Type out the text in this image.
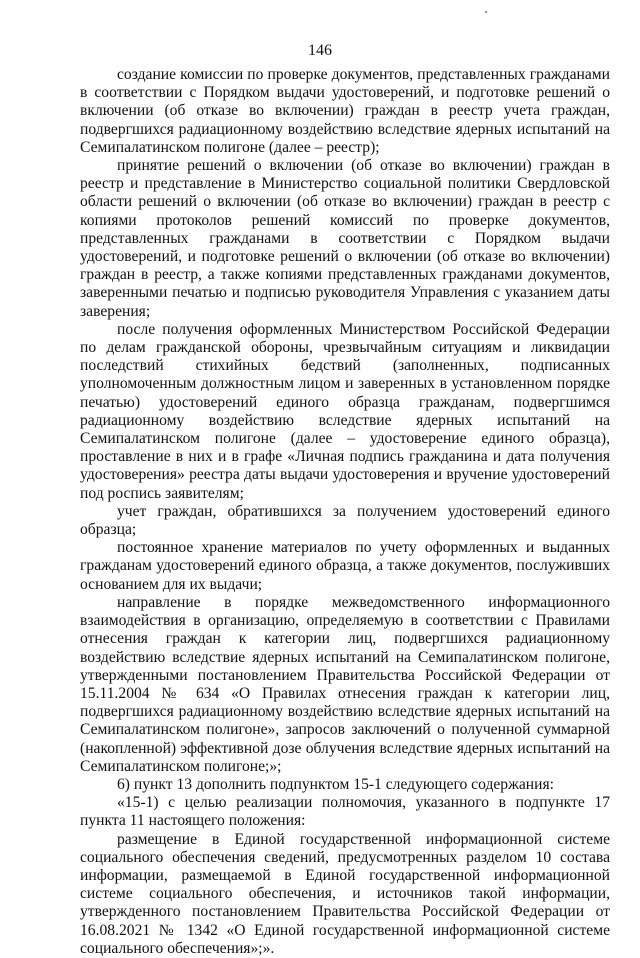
146

создание комиссии по проверке документов, представленных гражданами в соответствии с Порядком выдачи удостоверений, и подготовке решений о включении (об отказе во включении) граждан в реестр учета граждан, подвергшихся радиационному воздействию вследствие ядерных испытаний на Семипалатинском полигоне (далее – реестр);

принятие решений о включении (об отказе во включении) граждан в реестр и представление в Министерство социальной политики Свердловской области решений о включении (об отказе во включении) граждан в реестр с копиями протоколов решений комиссий по проверке документов, представленных гражданами в соответствии с Порядком выдачи удостоверений, и подготовке решений о включении (об отказе во включении) граждан в реестр, а также копиями представленных гражданами документов, заверенными печатью и подписью руководителя Управления с указанием даты заверения;

после получения оформленных Министерством Российской Федерации по делам гражданской обороны, чрезвычайным ситуациям и ликвидации последствий стихийных бедствий (заполненных, подписанных уполномоченным должностным лицом и заверенных в установленном порядке печатью) удостоверений единого образца гражданам, подвергшимся радиационному воздействию вследствие ядерных испытаний на Семипалатинском полигоне (далее – удостоверение единого образца), проставление в них и в графе «Личная подпись гражданина и дата получения удостоверения» реестра даты выдачи удостоверения и вручение удостоверений под роспись заявителям;

учет граждан, обратившихся за получением удостоверений единого образца;

постоянное хранение материалов по учету оформленных и выданных гражданам удостоверений единого образца, а также документов, послуживших основанием для их выдачи;

направление в порядке межведомственного информационного взаимодействия в организацию, определяемую в соответствии с Правилами отнесения граждан к категории лиц, подвергшихся радиационному воздействию вследствие ядерных испытаний на Семипалатинском полигоне, утвержденными постановлением Правительства Российской Федерации от 15.11.2004 № 634 «О Правилах отнесения граждан к категории лиц, подвергшихся радиационному воздействию вследствие ядерных испытаний на Семипалатинском полигоне», запросов заключений о полученной суммарной (накопленной) эффективной дозе облучения вследствие ядерных испытаний на Семипалатинском полигоне;»;

6) пункт 13 дополнить подпунктом 15-1 следующего содержания:

«15-1) с целью реализации полномочия, указанного в подпункте 17 пункта 11 настоящего положения:

размещение в Единой государственной информационной системе социального обеспечения сведений, предусмотренных разделом 10 состава информации, размещаемой в Единой государственной информационной системе социального обеспечения, и источников такой информации, утвержденного постановлением Правительства Российской Федерации от 16.08.2021 № 1342 «О Единой государственной информационной системе социального обеспечения»;».
